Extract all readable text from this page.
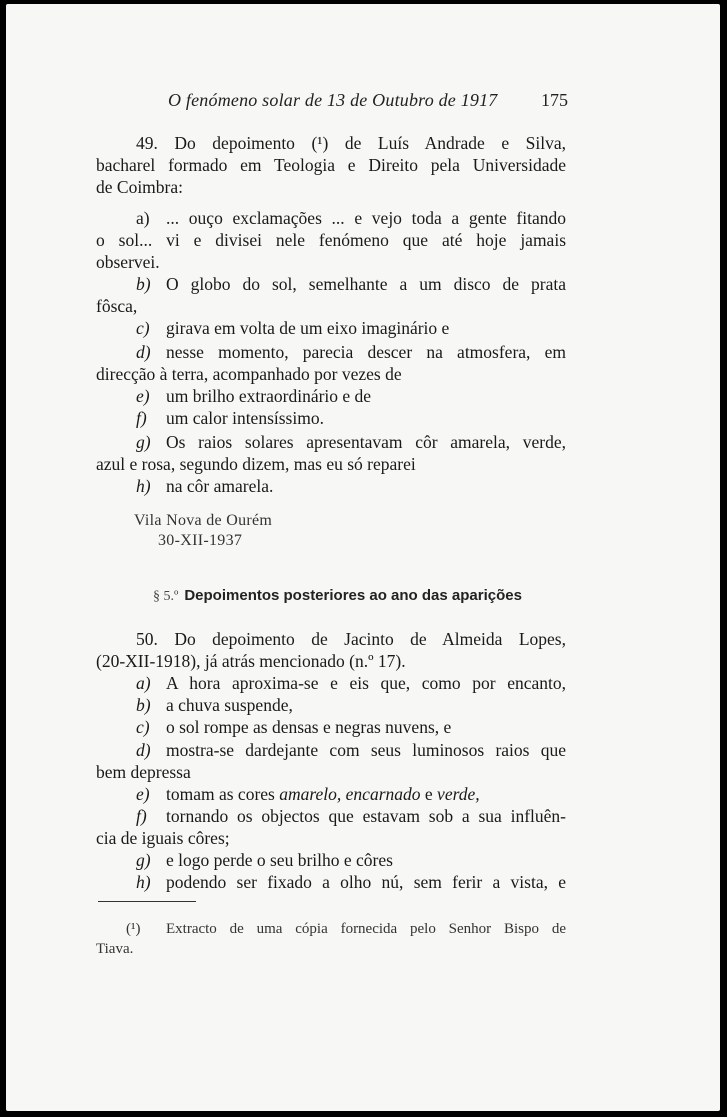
O fenómeno solar de 13 de Outubro de 1917 175
49. Do depoimento (¹) de Luís Andrade e Silva,
bacharel formado em Teologia e Direito pela Universidade
de Coimbra:
a) ... ouço exclamações ... e vejo toda a gente fitando
o sol... vi e divisei nele fenómeno que até hoje jamais
observei.
b) O globo do sol, semelhante a um disco de prata
fôsca,
c) girava em volta de um eixo imaginário e
d) nesse momento, parecia descer na atmosfera, em
direcção à terra, acompanhado por vezes de
e) um brilho extraordinário e de
f) um calor intensíssimo.
g) Os raios solares apresentavam côr amarela, verde,
azul e rosa, segundo dizem, mas eu só reparei
h) na côr amarela.
Vila Nova de Ourém
30-XII-1937
§ 5.º Depoimentos posteriores ao ano das aparições
50. Do depoimento de Jacinto de Almeida Lopes,
(20-XII-1918), já atrás mencionado (n.º 17).
a) A hora aproxima-se e eis que, como por encanto,
b) a chuva suspende,
c) o sol rompe as densas e negras nuvens, e
d) mostra-se dardejante com seus luminosos raios que
bem depressa
e) tomam as cores amarelo, encarnado e verde,
f) tornando os objectos que estavam sob a sua influên-
cia de iguais côres;
g) e logo perde o seu brilho e côres
h) podendo ser fixado a olho nú, sem ferir a vista, e
(¹) Extracto de uma cópia fornecida pelo Senhor Bispo de
Tiava.
